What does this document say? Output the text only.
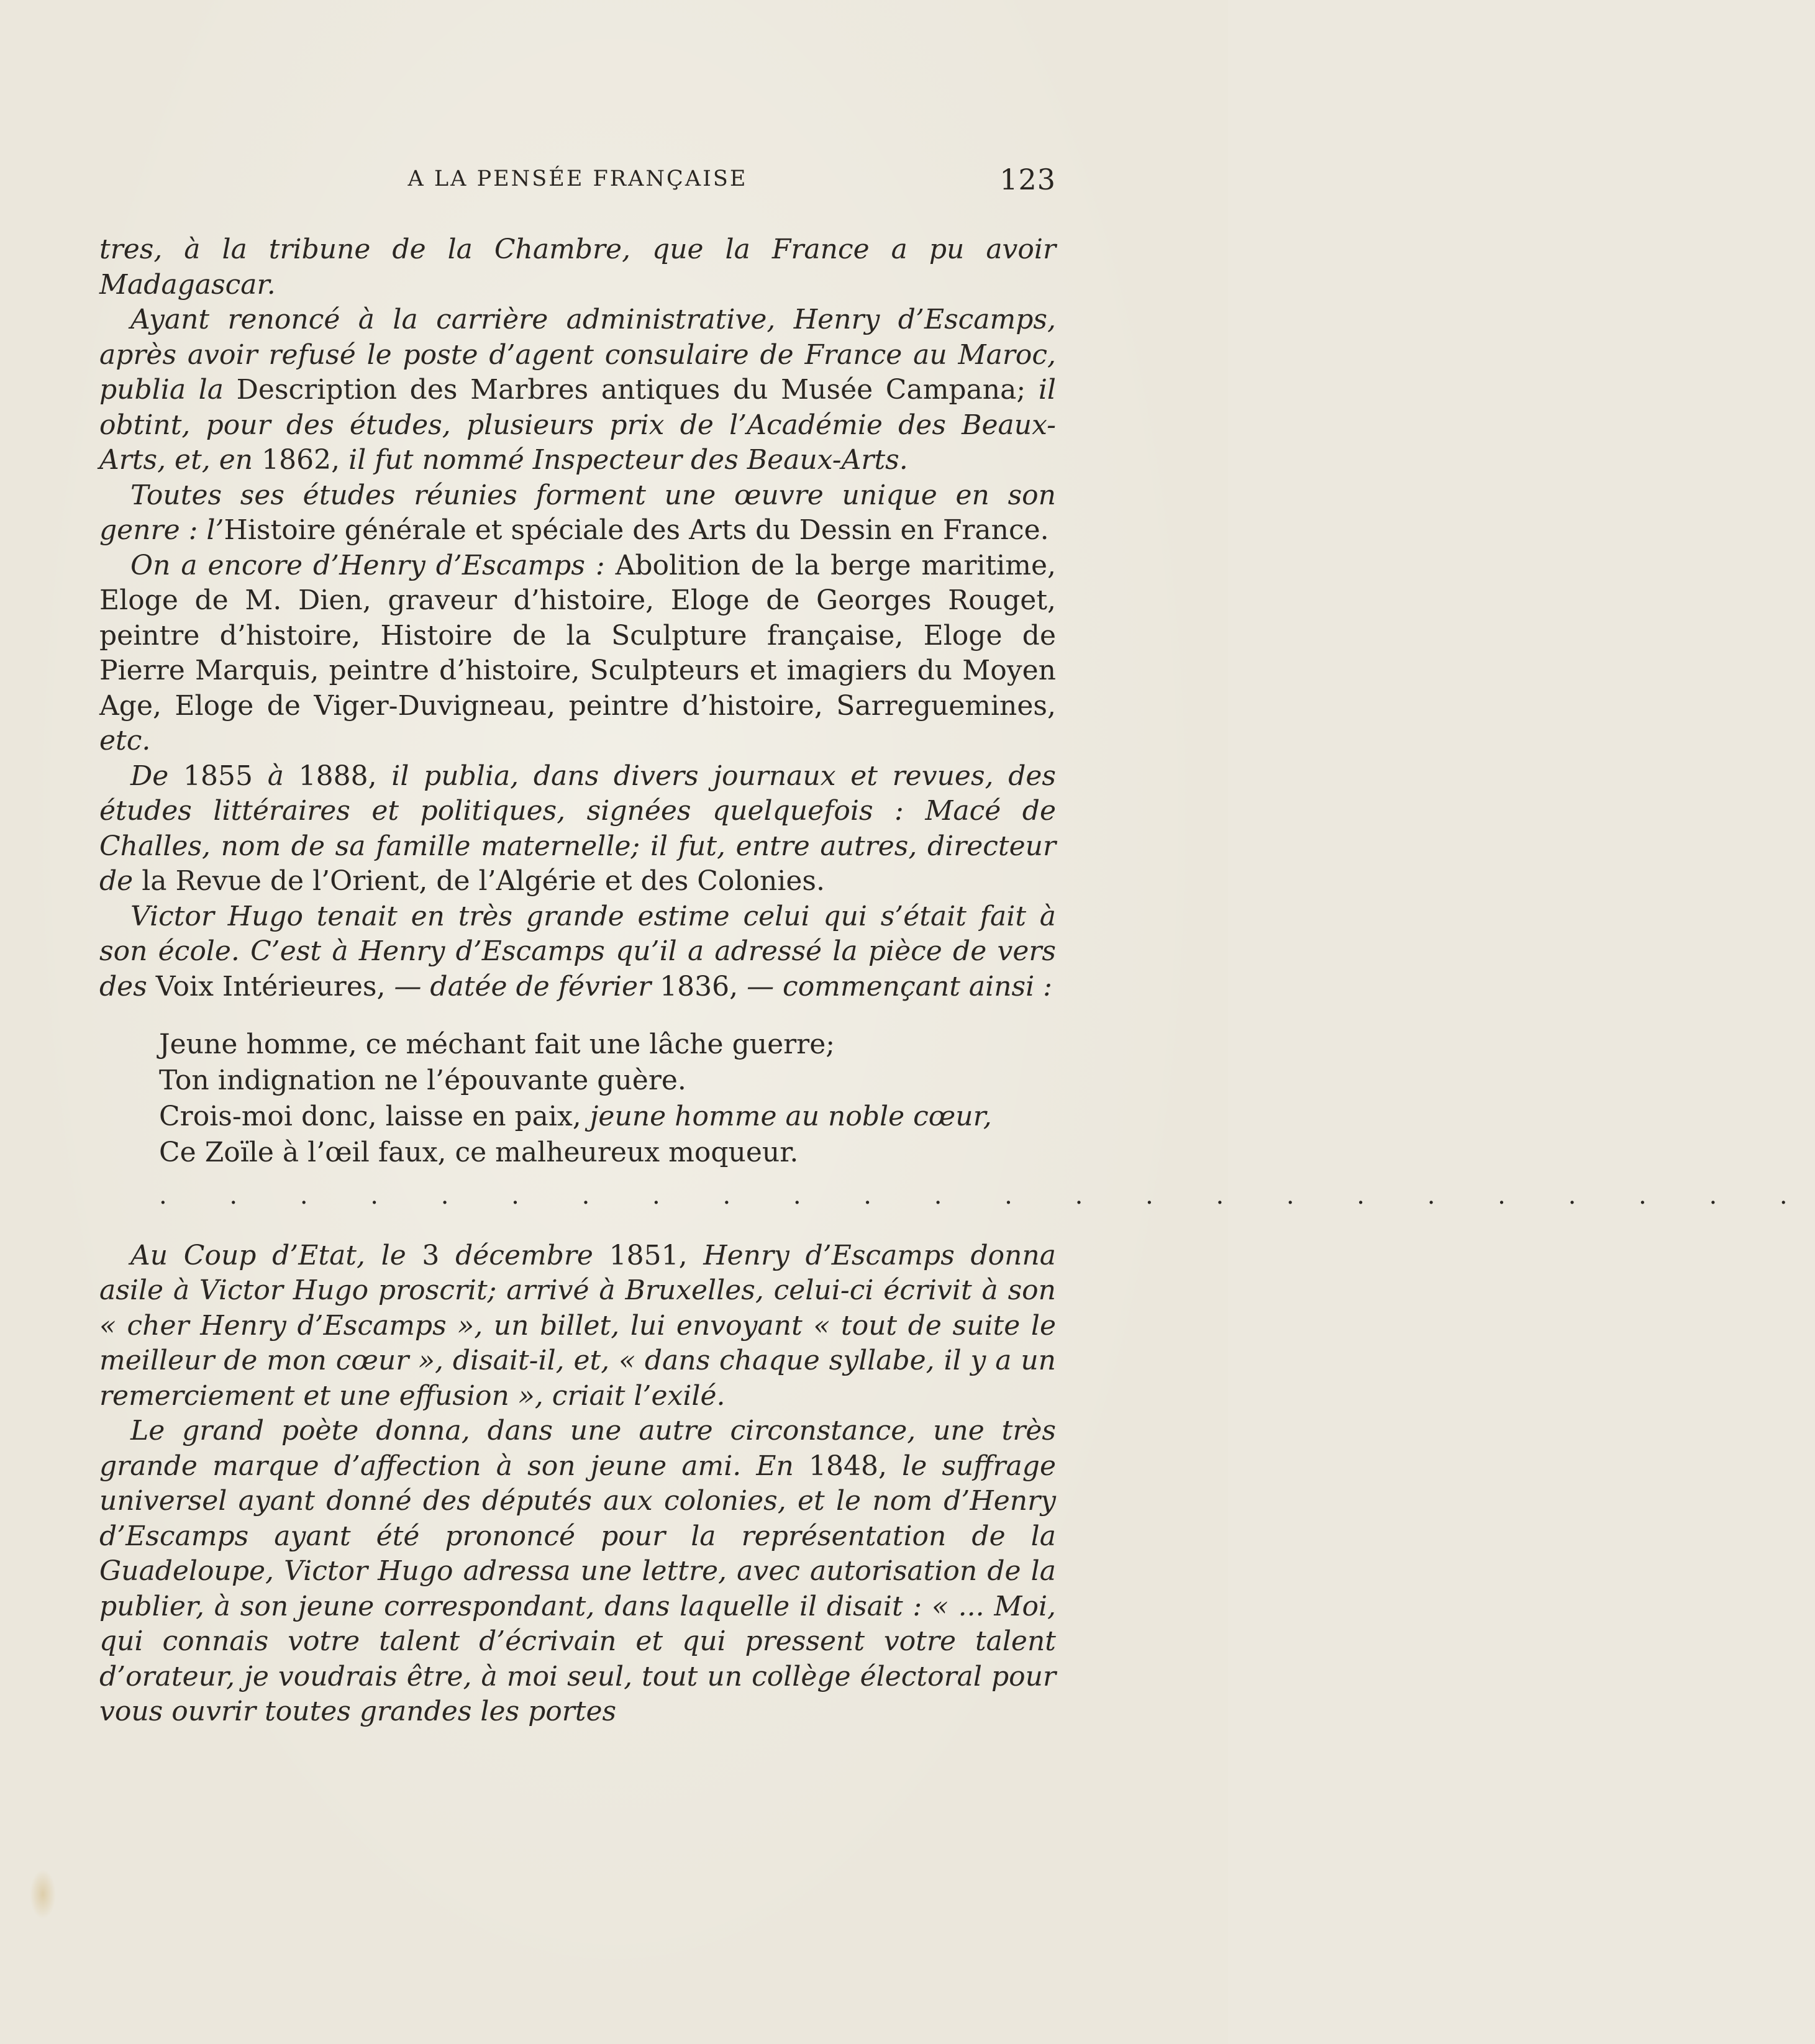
A LA PENSÉE FRANÇAISE	123

tres, à la tribune de la Chambre, que la France a pu avoir Madagascar.

Ayant renoncé à la carrière administrative, Henry d’Escamps, après avoir refusé le poste d’agent consulaire de France au Maroc, publia la Description des Marbres antiques du Musée Campana; il obtint, pour des études, plusieurs prix de l’Académie des Beaux-Arts, et, en 1862, il fut nommé Inspecteur des Beaux-Arts.

Toutes ses études réunies forment une œuvre unique en son genre : l’Histoire générale et spéciale des Arts du Dessin en France.

On a encore d’Henry d’Escamps : Abolition de la berge maritime, Eloge de M. Dien, graveur d’histoire, Eloge de Georges Rouget, peintre d’histoire, Histoire de la Sculpture française, Eloge de Pierre Marquis, peintre d’histoire, Sculpteurs et imagiers du Moyen Age, Eloge de Viger-Duvigneau, peintre d’histoire, Sarreguemines, etc.

De 1855 à 1888, il publia, dans divers journaux et revues, des études littéraires et politiques, signées quelquefois : Macé de Challes, nom de sa famille maternelle; il fut, entre autres, directeur de la Revue de l’Orient, de l’Algérie et des Colonies.

Victor Hugo tenait en très grande estime celui qui s’était fait à son école. C’est à Henry d’Escamps qu’il a adressé la pièce de vers des Voix Intérieures, — datée de février 1836, — commençant ainsi :

Jeune homme, ce méchant fait une lâche guerre;
Ton indignation ne l’épouvante guère.
Crois-moi donc, laisse en paix, jeune homme au noble cœur,
Ce Zoïle à l’œil faux, ce malheureux moqueur.
. . . . . . . . . . . . . . . . . . . . . . . .

Au Coup d’Etat, le 3 décembre 1851, Henry d’Escamps donna asile à Victor Hugo proscrit; arrivé à Bruxelles, celui-ci écrivit à son « cher Henry d’Escamps », un billet, lui envoyant « tout de suite le meilleur de mon cœur », disait-il, et, « dans chaque syllabe, il y a un remerciement et une effusion », criait l’exilé.

Le grand poète donna, dans une autre circonstance, une très grande marque d’affection à son jeune ami. En 1848, le suffrage universel ayant donné des députés aux colonies, et le nom d’Henry d’Escamps ayant été prononcé pour la représentation de la Guadeloupe, Victor Hugo adressa une lettre, avec autorisation de la publier, à son jeune correspondant, dans laquelle il disait : « ... Moi, qui connais votre talent d’écrivain et qui pressent votre talent d’orateur, je voudrais être, à moi seul, tout un collège électoral pour vous ouvrir toutes grandes les portes
